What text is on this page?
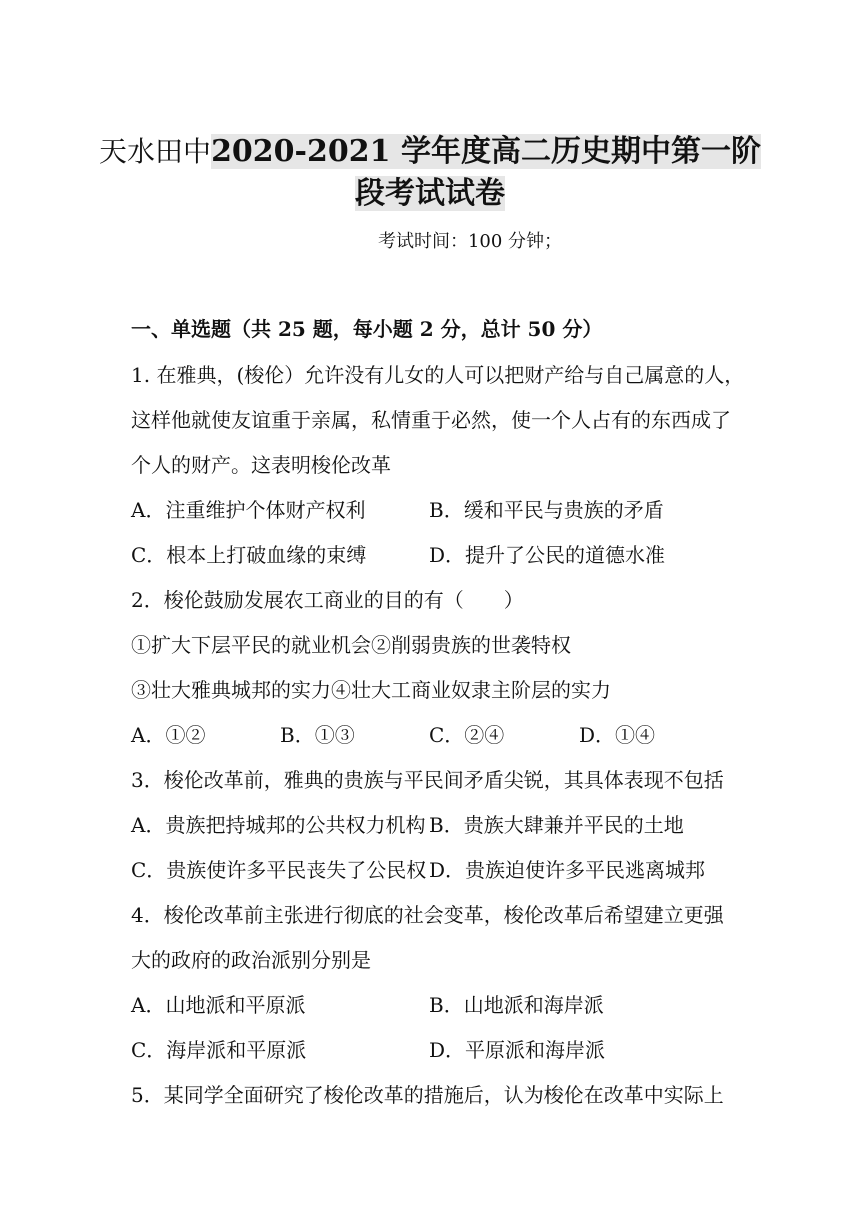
天水田中2020-2021 学年度高二历史期中第一阶
段考试试卷
考试时间：100 分钟；
一、单选题（共 25 题，每小题 2 分，总计 50 分）
1. 在雅典，(梭伦）允许没有儿女的人可以把财产给与自己属意的人，
这样他就使友谊重于亲属，私情重于必然，使一个人占有的东西成了
个人的财产。这表明梭伦改革
A．注重维护个体财产权利	B．缓和平民与贵族的矛盾
C．根本上打破血缘的束缚	D．提升了公民的道德水准
2．梭伦鼓励发展农工商业的目的有（　　）
①扩大下层平民的就业机会②削弱贵族的世袭特权
③壮大雅典城邦的实力④壮大工商业奴隶主阶层的实力
A．①②	B．①③	C．②④	D．①④
3．梭伦改革前，雅典的贵族与平民间矛盾尖锐，其具体表现不包括
A．贵族把持城邦的公共权力机构 B．贵族大肆兼并平民的土地
C．贵族使许多平民丧失了公民权 D．贵族迫使许多平民逃离城邦
4．梭伦改革前主张进行彻底的社会变革，梭伦改革后希望建立更强
大的政府的政治派别分别是
A．山地派和平原派	B．山地派和海岸派
C．海岸派和平原派	D．平原派和海岸派
5．某同学全面研究了梭伦改革的措施后，认为梭伦在改革中实际上
